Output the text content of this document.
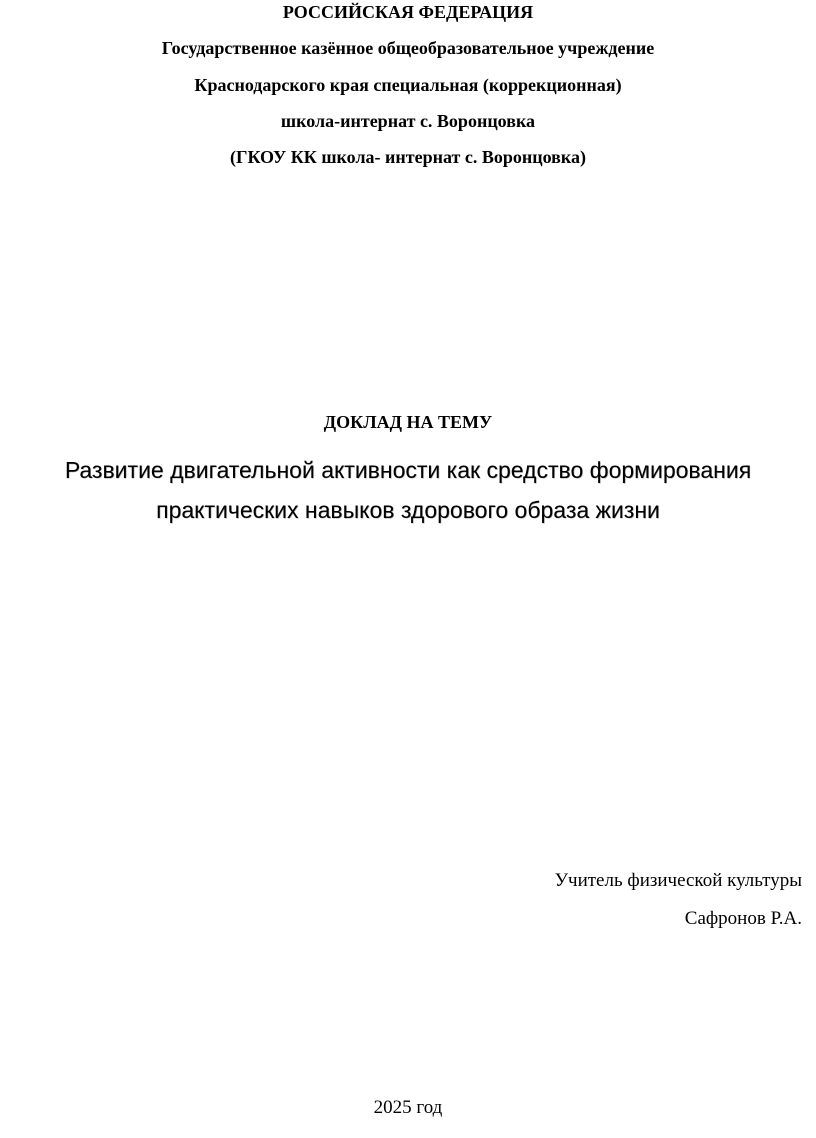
РОССИЙСКАЯ ФЕДЕРАЦИЯ
Государственное казённое общеобразовательное учреждение
Краснодарского края специальная (коррекционная)
школа-интернат с. Воронцовка
(ГКОУ КК школа- интернат с. Воронцовка)
ДОКЛАД НА ТЕМУ
Развитие двигательной активности как средство формирования
практических навыков здорового образа жизни
Учитель физической культуры
Сафронов Р.А.
2025 год
